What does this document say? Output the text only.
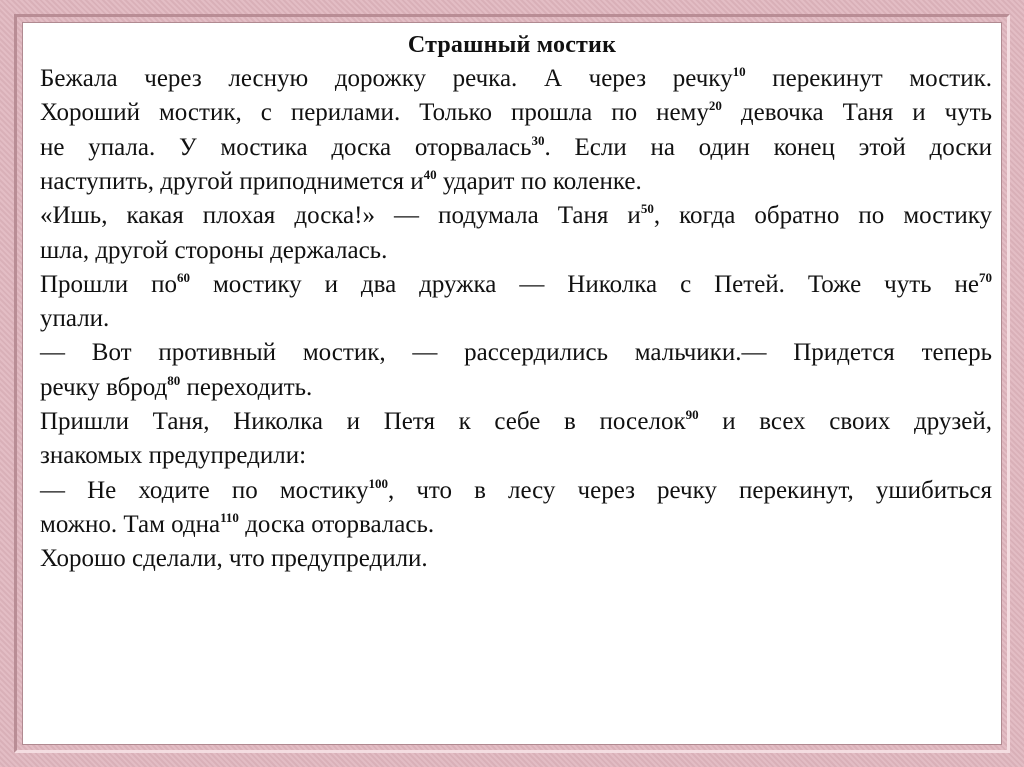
Страшный мостик
Бежала через лесную дорожку речка. А через речку$^{10}$ перекинут мостик.
Хороший мостик, с перилами. Только прошла по нему$^{20}$ девочка Таня и чуть
не упала. У мостика доска оторвалась$^{30}$. Если на один конец этой доски
наступить, другой приподнимется $и^{40}$ ударит по коленке.
«Ишь, какая плохая доска!» — подумала Таня $и^{50}$, когда обратно по мостику
шла, другой стороны держалась.
Прошли $по^{60}$ мостику и два дружка — Николка с Петей. Тоже чуть $не^{70}$
упали.
— Вот противный мостик, — рассердились мальчики.— Придется теперь
речку вброд$^{80}$ переходить.
Пришли Таня, Николка и Петя к себе в поселок$^{90}$ и всех своих друзей,
знакомых предупредили:
— Не ходите по мостику$^{100}$, что в лесу через речку перекинут, ушибиться
можно. Там одна$^{110}$ доска оторвалась.
Хорошо сделали, что предупредили.
